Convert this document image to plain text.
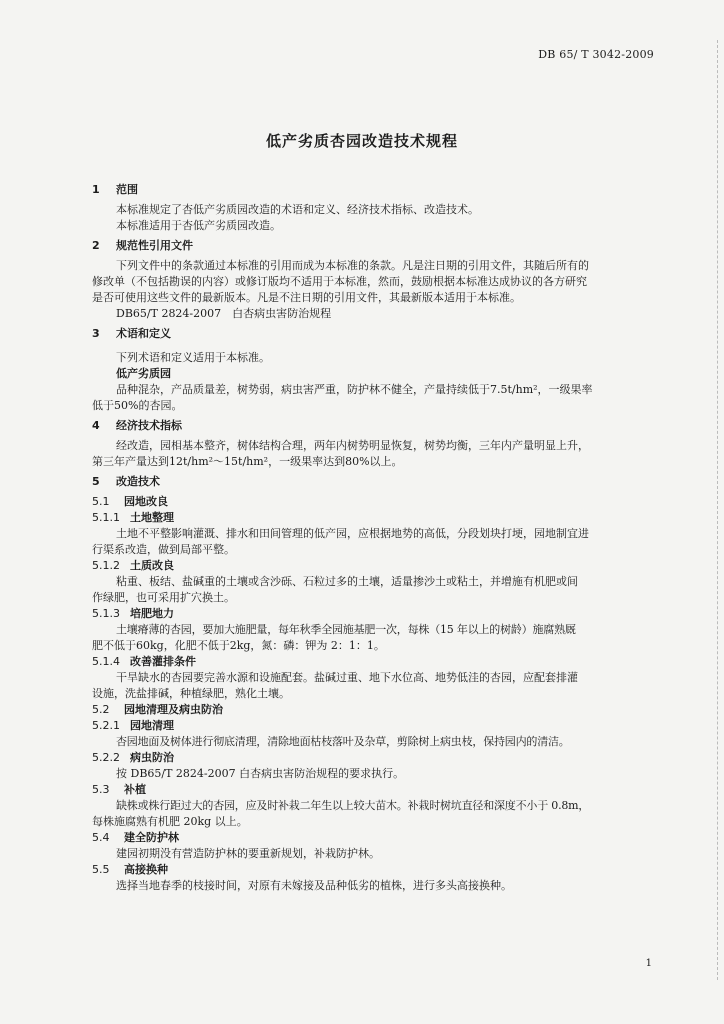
DB 65/ T 3042-2009
低产劣质杏园改造技术规程
1 范围
本标准规定了杏低产劣质园改造的术语和定义、经济技术指标、改造技术。
本标准适用于杏低产劣质园改造。
2 规范性引用文件
下列文件中的条款通过本标准的引用而成为本标准的条款。凡是注日期的引用文件，其随后所有的
修改单（不包括勘误的内容）或修订版均不适用于本标准，然而，鼓励根据本标准达成协议的各方研究
是否可使用这些文件的最新版本。凡是不注日期的引用文件，其最新版本适用于本标准。
DB65/T 2824-2007　白杏病虫害防治规程
3 术语和定义
下列术语和定义适用于本标准。
低产劣质园
品种混杂，产品质量差，树势弱，病虫害严重，防护林不健全，产量持续低于7.5t/hm²，一级果率
低于50%的杏园。
4 经济技术指标
经改造，园相基本整齐，树体结构合理，两年内树势明显恢复，树势均衡，三年内产量明显上升，
第三年产量达到12t/hm²～15t/hm²，一级果率达到80%以上。
5 改造技术
5.1 园地改良
5.1.1 土地整理
土地不平整影响灌溉、排水和田间管理的低产园，应根据地势的高低，分段划块打埂，园地制宜进
行渠系改造，做到局部平整。
5.1.2 土质改良
粘重、板结、盐碱重的土壤或含沙砾、石粒过多的土壤，适量掺沙土或粘土，并增施有机肥或间
作绿肥，也可采用扩穴换土。
5.1.3 培肥地力
土壤瘠薄的杏园，要加大施肥量，每年秋季全园施基肥一次，每株（15 年以上的树龄）施腐熟厩
肥不低于60kg，化肥不低于2kg，氮：磷：钾为 2：1：1。
5.1.4 改善灌排条件
干旱缺水的杏园要完善水源和设施配套。盐碱过重、地下水位高、地势低洼的杏园，应配套排灌
设施，洗盐排碱，种植绿肥，熟化土壤。
5.2 园地清理及病虫防治
5.2.1 园地清理
杏园地面及树体进行彻底清理，清除地面枯枝落叶及杂草，剪除树上病虫枝，保持园内的清洁。
5.2.2 病虫防治
按 DB65/T 2824-2007 白杏病虫害防治规程的要求执行。
5.3 补植
缺株或株行距过大的杏园，应及时补栽二年生以上较大苗木。补栽时树坑直径和深度不小于 0.8m，
每株施腐熟有机肥 20kg 以上。
5.4 建全防护林
建园初期没有营造防护林的要重新规划，补栽防护林。
5.5 高接换种
选择当地春季的枝接时间，对原有未嫁接及品种低劣的植株，进行多头高接换种。
1
